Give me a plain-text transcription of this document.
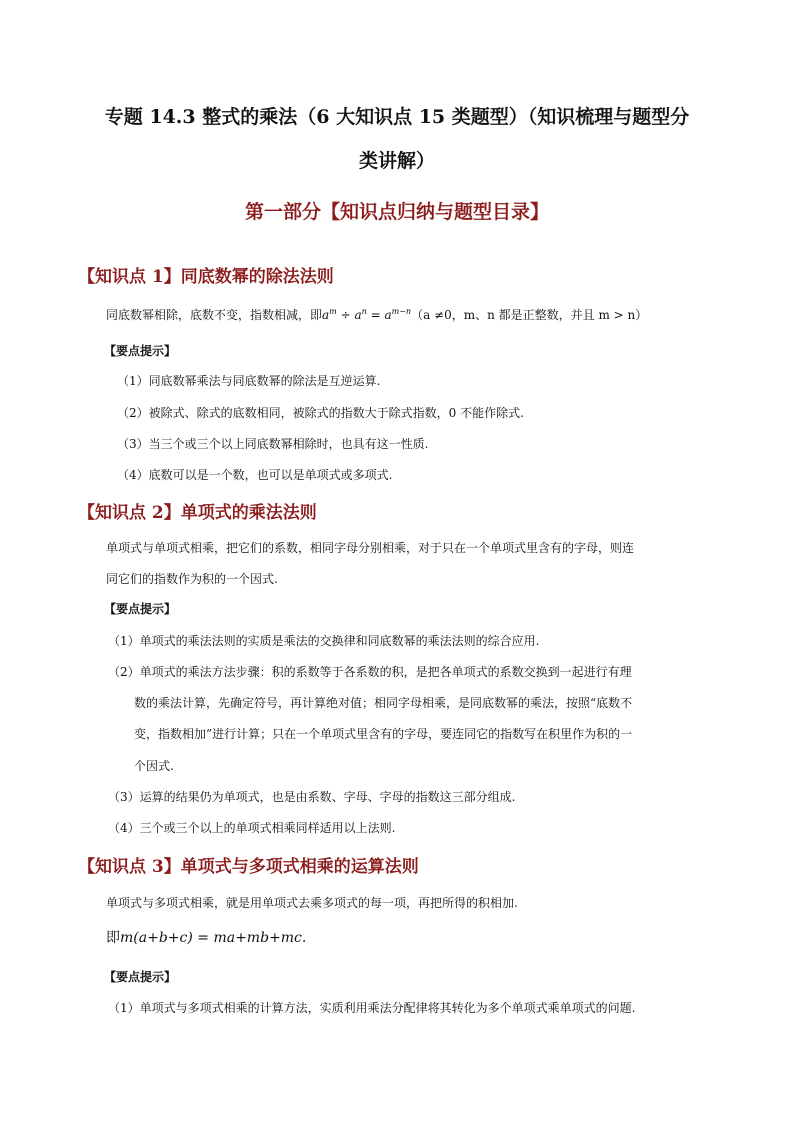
专题 14.3 整式的乘法（6 大知识点 15 类题型）（知识梳理与题型分
类讲解）
第一部分【知识点归纳与题型目录】
【知识点 1】同底数幂的除法法则
同底数幂相除，底数不变，指数相减，即$a^m \div a^n = a^{m-n}(a \ne 0$，m、n 都是正整数，并且 m > n）
【要点提示】
（1）同底数幂乘法与同底数幂的除法是互逆运算.
（2）被除式、除式的底数相同，被除式的指数大于除式指数，0 不能作除式.
（3）当三个或三个以上同底数幂相除时，也具有这一性质.
（4）底数可以是一个数，也可以是单项式或多项式.
【知识点 2】单项式的乘法法则
单项式与单项式相乘，把它们的系数，相同字母分别相乘，对于只在一个单项式里含有的字母，则连
同它们的指数作为积的一个因式.
【要点提示】
（1）单项式的乘法法则的实质是乘法的交换律和同底数幂的乘法法则的综合应用.
（2）单项式的乘法方法步骤：积的系数等于各系数的积，是把各单项式的系数交换到一起进行有理
数的乘法计算，先确定符号，再计算绝对值；相同字母相乘，是同底数幂的乘法，按照“底数不
变，指数相加”进行计算；只在一个单项式里含有的字母，要连同它的指数写在积里作为积的一
个因式.
（3）运算的结果仍为单项式，也是由系数、字母、字母的指数这三部分组成.
（4）三个或三个以上的单项式相乘同样适用以上法则.
【知识点 3】单项式与多项式相乘的运算法则
单项式与多项式相乘，就是用单项式去乘多项式的每一项，再把所得的积相加.
即m(a+b+c) = ma+mb+mc.
【要点提示】
（1）单项式与多项式相乘的计算方法，实质利用乘法分配律将其转化为多个单项式乘单项式的问题.
